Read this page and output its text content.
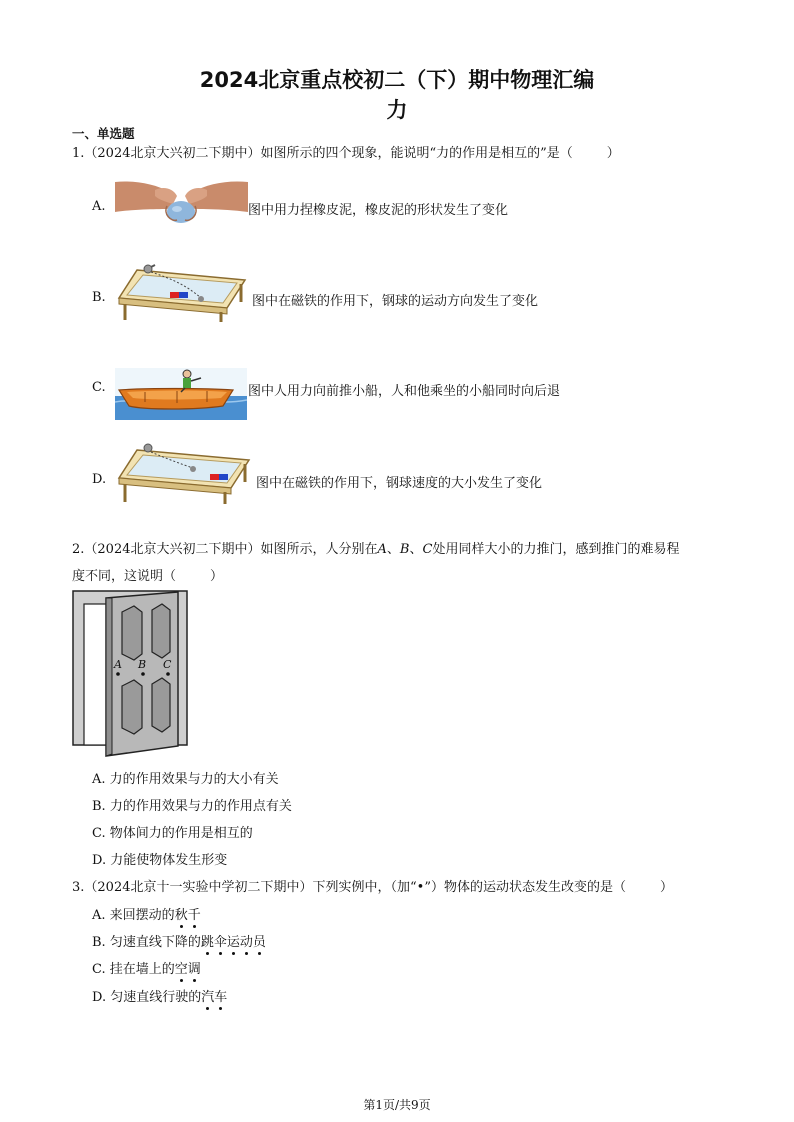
2024北京重点校初二（下）期中物理汇编
力
一、单选题
1.（2024北京大兴初二下期中）如图所示的四个现象，能说明“力的作用是相互的”是（	）
A.	图中用力捏橡皮泥，橡皮泥的形状发生了变化
B.	图中在磁铁的作用下，钢球的运动方向发生了变化
C.	图中人用力向前推小船，人和他乘坐的小船同时向后退
D.	图中在磁铁的作用下，钢球速度的大小发生了变化
2.（2024北京大兴初二下期中）如图所示，人分别在A、B、C处用同样大小的力推门，感到推门的难易程
度不同，这说明（	）
A B C
A. 力的作用效果与力的大小有关
B. 力的作用效果与力的作用点有关
C. 物体间力的作用是相互的
D. 力能使物体发生形变
3.（2024北京十一实验中学初二下期中）下列实例中，（加“•”）物体的运动状态发生改变的是（	）
A. 来回摆动的秋千
B. 匀速直线下降的跳伞运动员
C. 挂在墙上的空调
D. 匀速直线行驶的汽车
第1页/共9页
